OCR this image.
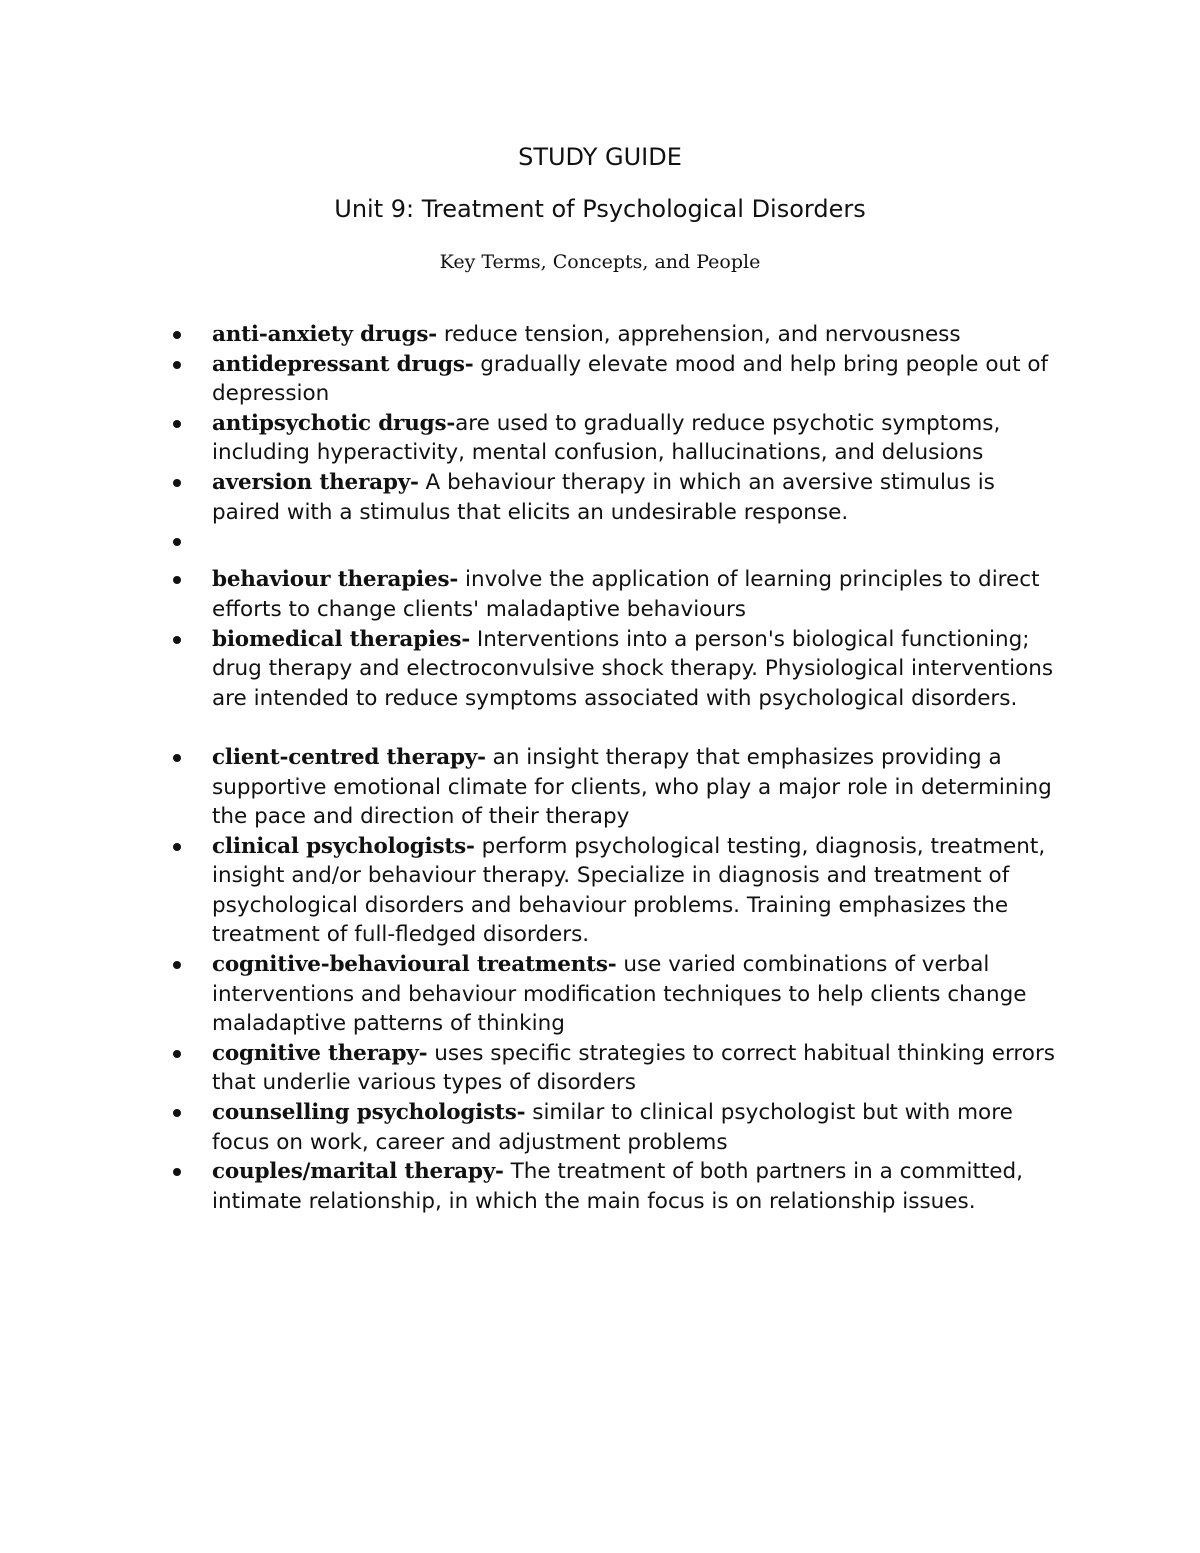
STUDY GUIDE
Unit 9: Treatment of Psychological Disorders

Key Terms, Concepts, and People

anti-anxiety drugs- reduce tension, apprehension, and nervousness
antidepressant drugs- gradually elevate mood and help bring people out of depression
antipsychotic drugs-are used to gradually reduce psychotic symptoms, including hyperactivity, mental confusion, hallucinations, and delusions
aversion therapy- A behaviour therapy in which an aversive stimulus is paired with a stimulus that elicits an undesirable response.
behaviour therapies- involve the application of learning principles to direct efforts to change clients' maladaptive behaviours
biomedical therapies- Interventions into a person's biological functioning; drug therapy and electroconvulsive shock therapy. Physiological interventions are intended to reduce symptoms associated with psychological disorders.
client-centred therapy- an insight therapy that emphasizes providing a supportive emotional climate for clients, who play a major role in determining the pace and direction of their therapy
clinical psychologists- perform psychological testing, diagnosis, treatment, insight and/or behaviour therapy. Specialize in diagnosis and treatment of psychological disorders and behaviour problems. Training emphasizes the treatment of full-fledged disorders.
cognitive-behavioural treatments- use varied combinations of verbal interventions and behaviour modification techniques to help clients change maladaptive patterns of thinking
cognitive therapy- uses specific strategies to correct habitual thinking errors that underlie various types of disorders
counselling psychologists- similar to clinical psychologist but with more focus on work, career and adjustment problems
couples/marital therapy- The treatment of both partners in a committed, intimate relationship, in which the main focus is on relationship issues.
